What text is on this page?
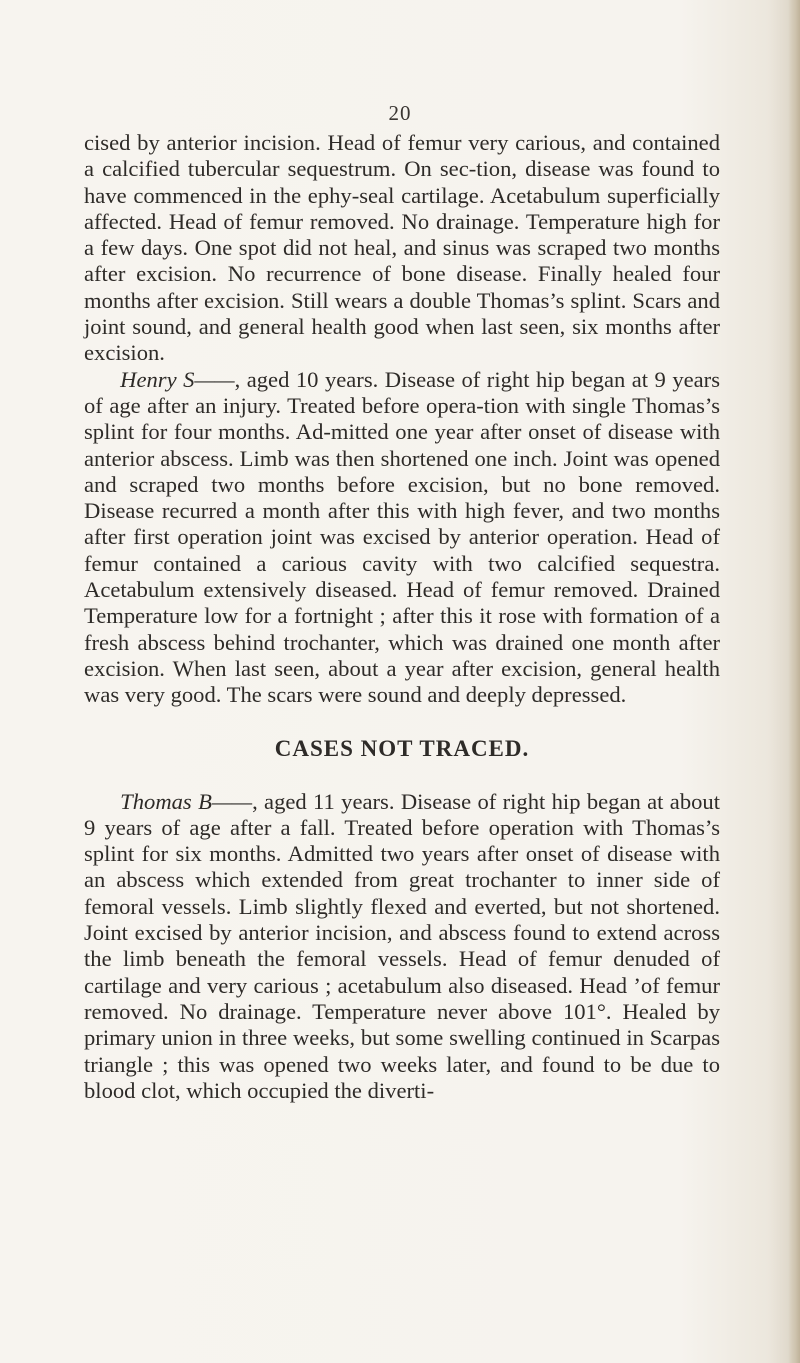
20

cised by anterior incision. Head of femur very carious, and contained a calcified tubercular sequestrum. On sec-tion, disease was found to have commenced in the ephy-seal cartilage. Acetabulum superficially affected. Head of femur removed. No drainage. Temperature high for a few days. One spot did not heal, and sinus was scraped two months after excision. No recurrence of bone disease. Finally healed four months after excision. Still wears a double Thomas’s splint. Scars and joint sound, and general health good when last seen, six months after excision.

Henry S——, aged 10 years. Disease of right hip began at 9 years of age after an injury. Treated before opera-tion with single Thomas’s splint for four months. Ad-mitted one year after onset of disease with anterior abscess. Limb was then shortened one inch. Joint was opened and scraped two months before excision, but no bone removed. Disease recurred a month after this with high fever, and two months after first operation joint was excised by anterior operation. Head of femur contained a carious cavity with two calcified sequestra. Acetabulum extensively diseased. Head of femur removed. Drained Temperature low for a fortnight ; after this it rose with formation of a fresh abscess behind trochanter, which was drained one month after excision. When last seen, about a year after excision, general health was very good. The scars were sound and deeply depressed.

CASES NOT TRACED.

Thomas B——, aged 11 years. Disease of right hip began at about 9 years of age after a fall. Treated before operation with Thomas’s splint for six months. Admitted two years after onset of disease with an abscess which extended from great trochanter to inner side of femoral vessels. Limb slightly flexed and everted, but not shortened. Joint excised by anterior incision, and abscess found to extend across the limb beneath the femoral vessels. Head of femur denuded of cartilage and very carious ; acetabulum also diseased. Head ’of femur removed. No drainage. Temperature never above 101°. Healed by primary union in three weeks, but some swelling continued in Scarpas triangle ; this was opened two weeks later, and found to be due to blood clot, which occupied the diverti-
